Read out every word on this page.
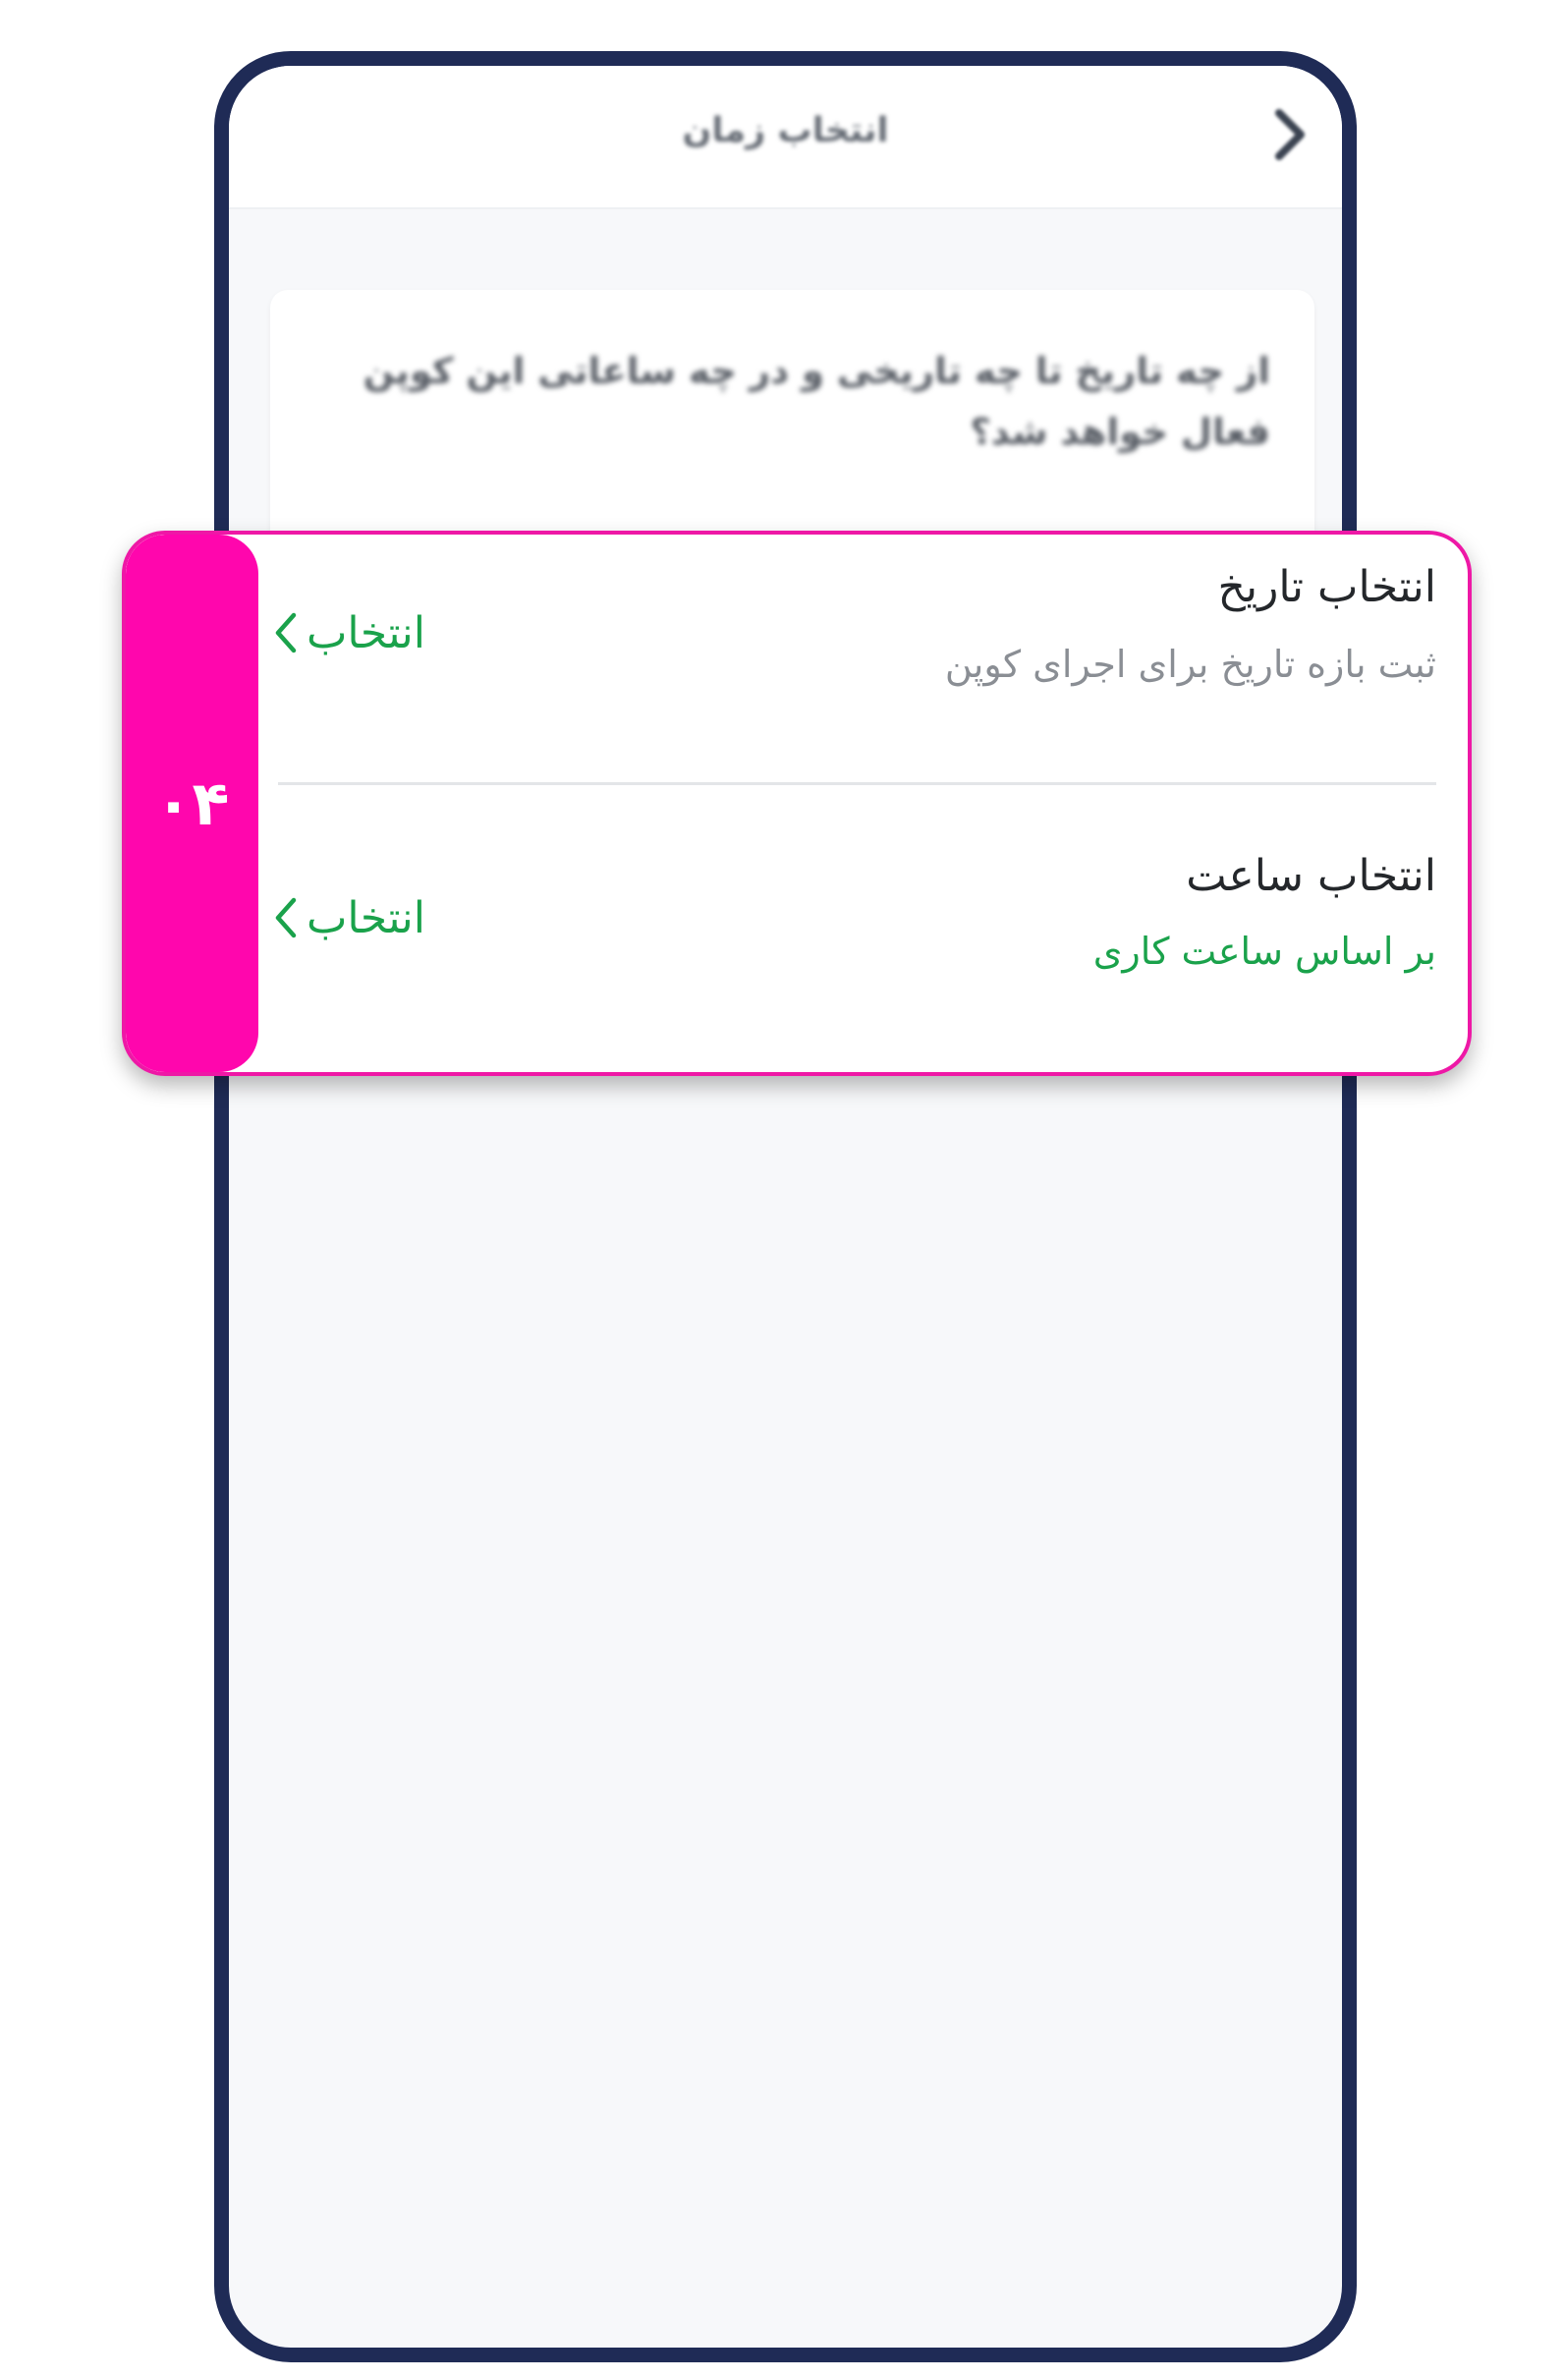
انتخاب زمان
از چه تاریخ تا چه تاریخی و در چه ساعاتی این کوپن فعال خواهد شد؟
۰۴
انتخاب تاریخ
ثبت بازه تاریخ برای اجرای کوپن
انتخاب
انتخاب ساعت
بر اساس ساعت کاری
انتخاب
